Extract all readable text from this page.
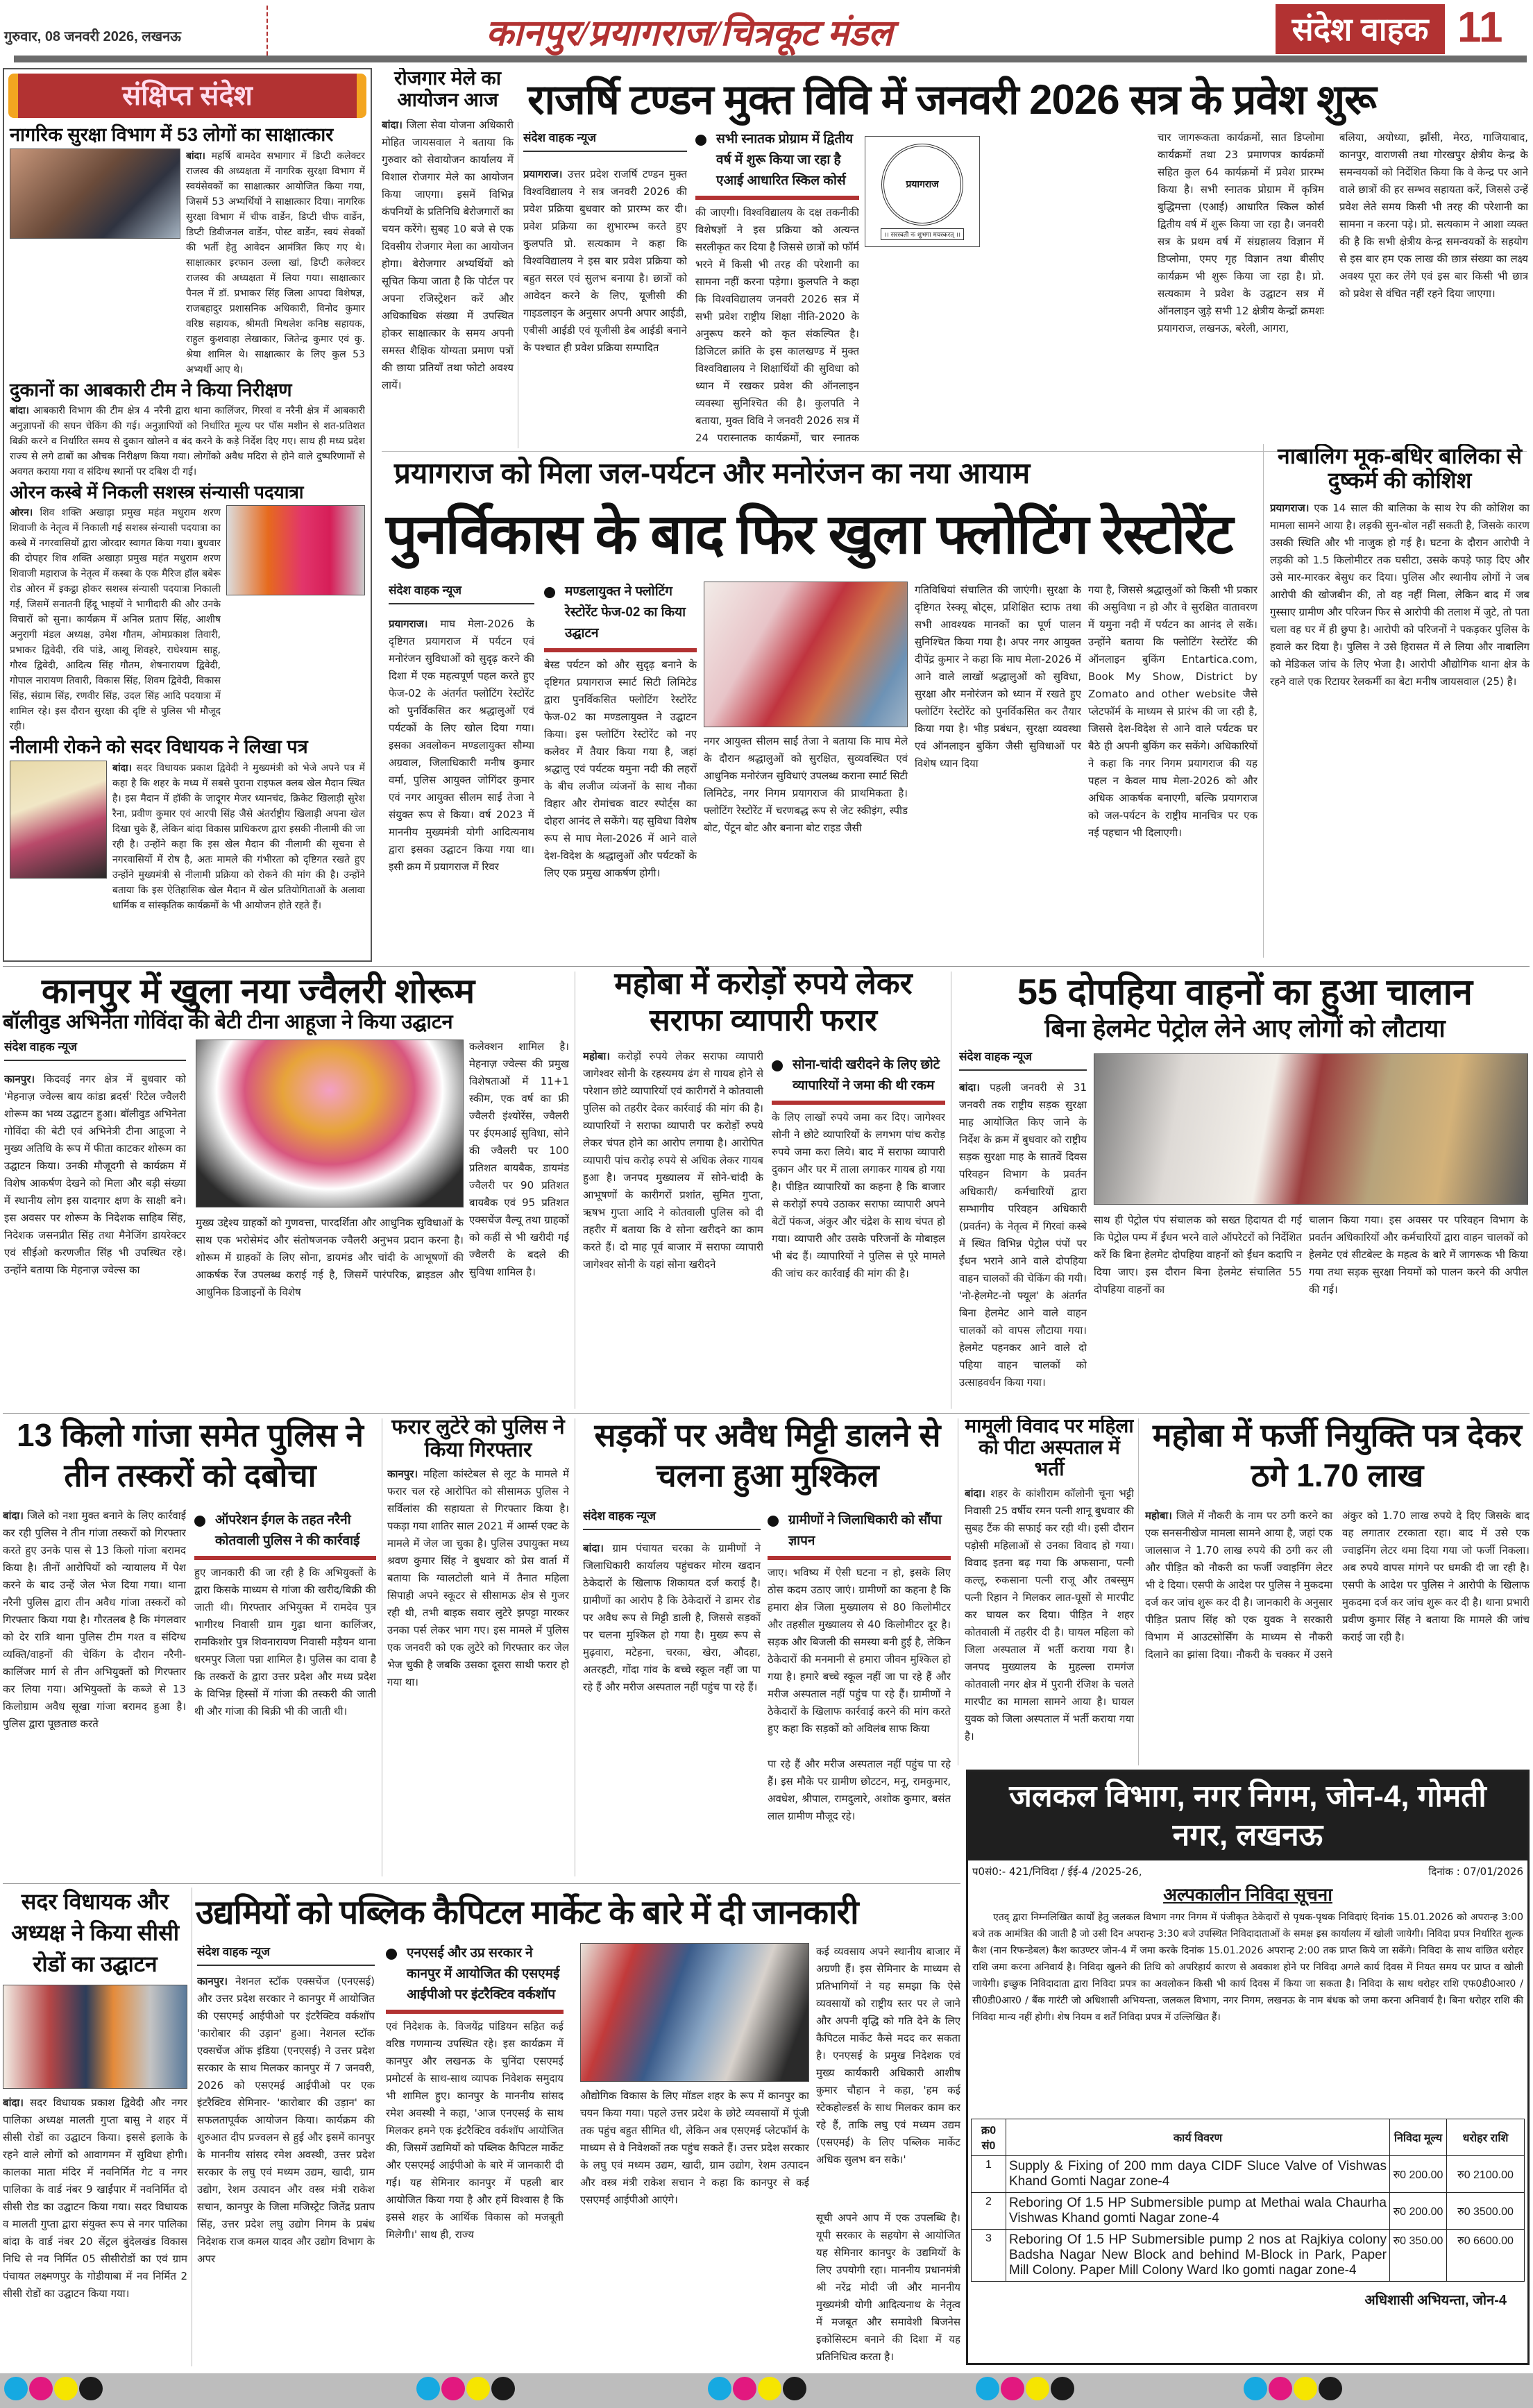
गुरुवार, 08 जनवरी 2026, लखनऊ	कानपुर/प्रयागराज/चित्रकूट मंडल	संदेश वाहक 11
संक्षिप्त संदेश
नागरिक सुरक्षा विभाग में 53 लोगों का साक्षात्कार
बांदा। महर्षि बामदेव सभागार में डिप्टी कलेक्टर राजस्व की अध्यक्षता में नागरिक सुरक्षा विभाग में स्वयंसेवकों का साक्षात्कार आयोजित किया गया, जिसमें 53 अभ्यर्थियों ने साक्षात्कार दिया। नागरिक सुरक्षा विभाग में चीफ वार्डेन, डिप्टी चीफ वार्डेन, डिप्टी डिवीजनल वार्डेन, पोस्ट वार्डेन, स्वयं सेवकों की भर्ती हेतु आवेदन आमंत्रित किए गए थे। साक्षात्कार इरफान उल्ला खां, डिप्टी कलेक्टर राजस्व की अध्यक्षता में लिया गया। साक्षात्कार पैनल में डॉ. प्रभाकर सिंह जिला आपदा विशेषज्ञ, राजबहादुर प्रशासनिक अधिकारी, विनोद कुमार वरिष्ठ सहायक, श्रीमती मिथलेश कनिष्ठ सहायक, राहुल कुशवाहा लेखाकार, जितेन्द्र कुमार एवं कु. श्रेया शामिल थे। साक्षात्कार के लिए कुल 53 अभ्यर्थी आए थे।
दुकानों का आबकारी टीम ने किया निरीक्षण
बांदा। आबकारी विभाग की टीम क्षेत्र 4 नरैनी द्वारा थाना कालिंजर, गिरवां व नरैनी क्षेत्र में आबकारी अनुज्ञापनों की सघन चेकिंग की गई। अनुज्ञापियों को निर्धारित मूल्य पर पॉस मशीन से शत-प्रतिशत बिक्री करने व निर्धारित समय से दुकान खोलने व बंद करने के कड़े निर्देश दिए गए। साथ ही मध्य प्रदेश राज्य से लगे ढाबों का औचक निरीक्षण किया गया। लोगोंको अवैध मदिरा से होने वाले दुष्परिणामों से अवगत कराया गया व संदिग्ध स्थानों पर दबिश दी गई।
ओरन कस्बे में निकली सशस्त्र संन्यासी पदयात्रा
ओरन। शिव शक्ति अखाड़ा प्रमुख महंत मधुराम शरण शिवाजी के नेतृत्व में निकाली गई सशस्त्र संन्यासी पदयात्रा का कस्बे में नगरवासियों द्वारा जोरदार स्वागत किया गया। बुधवार की दोपहर शिव शक्ति अखाड़ा प्रमुख महंत मधुराम शरण शिवाजी महाराज के नेतृत्व में कस्बा के एक मैरिज हॉल बबेरू रोड ओरन में इकट्ठा होकर सशस्त्र संन्यासी पदयात्रा निकाली गई, जिसमें सनातनी हिंदू भाइयों ने भागीदारी की और उनके विचारों को सुना। कार्यक्रम में अनिल प्रताप सिंह, आशीष अनुरागी मंडल अध्यक्ष, उमेश गौतम, ओमप्रकाश तिवारी, प्रभाकर द्विवेदी, रवि पांडे, आशू शिवहरे, राधेश्याम साहू, गौरव द्विवेदी, आदित्य सिंह गौतम, शेषनारायण द्विवेदी, गोपाल नारायण तिवारी, विकास सिंह, शिवम द्विवेदी, विकास सिंह, संग्राम सिंह, रणवीर सिंह, उदल सिंह आदि पदयात्रा में शामिल रहे। इस दौरान सुरक्षा की दृष्टि से पुलिस भी मौजूद रही।
नीलामी रोकने को सदर विधायक ने लिखा पत्र
बांदा। सदर विधायक प्रकाश द्विवेदी ने मुख्यमंत्री को भेजे अपने पत्र में कहा है कि शहर के मध्य में सबसे पुराना राइफल क्लब खेल मैदान स्थित है। इस मैदान में हॉकी के जादूगर मेजर ध्यानचंद, क्रिकेट खिलाड़ी सुरेश रैना, प्रवीण कुमार एवं आरपी सिंह जैसे अंतर्राष्ट्रीय खिलाड़ी अपना खेल दिखा चुके हैं, लेकिन बांदा विकास प्राधिकरण द्वारा इसकी नीलामी की जा रही है। उन्होंने कहा कि इस खेल मैदान की नीलामी की सूचना से नगरवासियों में रोष है, अतः मामले की गंभीरता को दृष्टिगत रखते हुए उन्होंने मुख्यमंत्री से नीलामी प्रक्रिया को रोकने की मांग की है। उन्होंने बताया कि इस ऐतिहासिक खेल मैदान में खेल प्रतियोगिताओं के अलावा धार्मिक व सांस्कृतिक कार्यक्रमों के भी आयोजन होते रहते हैं।
रोजगार मेले का आयोजन आज
बांदा। जिला सेवा योजना अधिकारी मोहित जायसवाल ने बताया कि गुरुवार को सेवायोजन कार्यालय में विशाल रोजगार मेले का आयोजन किया जाएगा। इसमें विभिन्न कंपनियों के प्रतिनिधि बेरोजगारों का चयन करेंगे। सुबह 10 बजे से एक दिवसीय रोजगार मेला का आयोजन होगा। बेरोजगार अभ्यर्थियों को सूचित किया जाता है कि पोर्टल पर अपना रजिस्ट्रेशन करें और अधिकाधिक संख्या में उपस्थित होकर साक्षात्कार के समय अपनी समस्त शैक्षिक योग्यता प्रमाण पत्रों की छाया प्रतियाँ तथा फोटो अवश्य लायें।
राजर्षि टण्डन मुक्त विवि में जनवरी 2026 सत्र के प्रवेश शुरू
संदेश वाहक न्यूज
प्रयागराज। उत्तर प्रदेश राजर्षि टण्डन मुक्त विश्वविद्यालय ने सत्र जनवरी 2026 की प्रवेश प्रक्रिया बुधवार को प्रारम्भ कर दी। प्रवेश प्रक्रिया का शुभारम्भ करते हुए कुलपति प्रो. सत्यकाम ने कहा कि विश्वविद्यालय ने इस बार प्रवेश प्रक्रिया को बहुत सरल एवं सुलभ बनाया है। छात्रों को आवेदन करने के लिए, यूजीसी की गाइडलाइन के अनुसार अपनी अपार आईडी, एबीसी आईडी एवं यूजीसी डेब आईडी बनाने के पश्चात ही प्रवेश प्रक्रिया सम्पादित
सभी स्नातक प्रोग्राम में द्वितीय वर्ष में शुरू किया जा रहा है एआई आधारित स्किल कोर्स
की जाएगी। विश्वविद्यालय के दक्ष तकनीकी विशेषज्ञों ने इस प्रक्रिया को अत्यन्त सरलीकृत कर दिया है जिससे छात्रों को फॉर्म भरने में किसी भी तरह की परेशानी का सामना नहीं करना पड़ेगा। कुलपति ने कहा कि विश्वविद्यालय जनवरी 2026 सत्र में सभी प्रवेश राष्ट्रीय शिक्षा नीति-2020 के अनुरूप करने को कृत संकल्पित है। डिजिटल क्रांति के इस कालखण्ड में मुक्त विश्वविद्यालय ने शिक्षार्थियों की सुविधा को ध्यान में रखकर प्रवेश की ऑनलाइन व्यवस्था सुनिश्चित की है। कुलपति ने बताया, मुक्त विवि ने जनवरी 2026 सत्र में 24 परास्नातक कार्यक्रमों, चार स्नातक
प्रयागराज
।। सरस्वती नः शुभगा मयस्करत् ।।
चार जागरूकता कार्यक्रमों, सात डिप्लोमा कार्यक्रमों तथा 23 प्रमाणपत्र कार्यक्रमों सहित कुल 64 कार्यक्रमों में प्रवेश प्रारम्भ किया है। सभी स्नातक प्रोग्राम में कृत्रिम बुद्धिमत्ता (एआई) आधारित स्किल कोर्स द्वितीय वर्ष में शुरू किया जा रहा है। जनवरी सत्र के प्रथम वर्ष में संग्रहालय विज्ञान में डिप्लोमा, एमए गृह विज्ञान तथा बीसीए कार्यक्रम भी शुरू किया जा रहा है। प्रो. सत्यकाम ने प्रवेश के उद्घाटन सत्र में ऑनलाइन जुड़े सभी 12 क्षेत्रीय केन्द्रों क्रमशः प्रयागराज, लखनऊ, बरेली, आगरा,
बलिया, अयोध्या, झाँसी, मेरठ, गाजियाबाद, कानपुर, वाराणसी तथा गोरखपुर क्षेत्रीय केन्द्र के समन्वयकों को निर्देशित किया कि वे केन्द्र पर आने वाले छात्रों की हर सम्भव सहायता करें, जिससे उन्हें प्रवेश लेते समय किसी भी तरह की परेशानी का सामना न करना पड़े। प्रो. सत्यकाम ने आशा व्यक्त की है कि सभी क्षेत्रीय केन्द्र समन्वयकों के सहयोग से इस बार हम एक लाख की छात्र संख्या का लक्ष्य अवश्य पूरा कर लेंगे एवं इस बार किसी भी छात्र को प्रवेश से वंचित नहीं रहने दिया जाएगा।
प्रयागराज को मिला जल-पर्यटन और मनोरंजन का नया आयाम
पुनर्विकास के बाद फिर खुला फ्लोटिंग रेस्टोरेंट
संदेश वाहक न्यूज
प्रयागराज। माघ मेला-2026 के दृष्टिगत प्रयागराज में पर्यटन एवं मनोरंजन सुविधाओं को सुदृढ़ करने की दिशा में एक महत्वपूर्ण पहल करते हुए फेज-02 के अंतर्गत फ्लोटिंग रेस्टोरेंट को पुनर्विकसित कर श्रद्धालुओं एवं पर्यटकों के लिए खोल दिया गया। इसका अवलोकन मण्डलायुक्त सौम्या अग्रवाल, जिलाधिकारी मनीष कुमार वर्मा, पुलिस आयुक्त जोगिंदर कुमार एवं नगर आयुक्त सीलम साईं तेजा ने संयुक्त रूप से किया। वर्ष 2023 में माननीय मुख्यमंत्री योगी आदित्यनाथ द्वारा इसका उद्घाटन किया गया था। इसी क्रम में प्रयागराज में रिवर
मण्डलायुक्त ने फ्लोटिंग रेस्टोरेंट फेज-02 का किया उद्घाटन
बेस्ड पर्यटन को और सुदृढ़ बनाने के दृष्टिगत प्रयागराज स्मार्ट सिटी लिमिटेड द्वारा पुनर्विकसित फ्लोटिंग रेस्टोरेंट फेज-02 का मण्डलायुक्त ने उद्घाटन किया। इस फ्लोटिंग रेस्टोरेंट को नए कलेवर में तैयार किया गया है, जहां श्रद्धालु एवं पर्यटक यमुना नदी की लहरों के बीच लजीज व्यंजनों के साथ नौका विहार और रोमांचक वाटर स्पोर्ट्स का दोहरा आनंद ले सकेंगे। यह सुविधा विशेष रूप से माघ मेला-2026 में आने वाले देश-विदेश के श्रद्धालुओं और पर्यटकों के लिए एक प्रमुख आकर्षण होगी।
नगर आयुक्त सीलम साईं तेजा ने बताया कि माघ मेले के दौरान श्रद्धालुओं को सुरक्षित, सुव्यवस्थित एवं आधुनिक मनोरंजन सुविधाएं उपलब्ध कराना स्मार्ट सिटी लिमिटेड, नगर निगम प्रयागराज की प्राथमिकता है। फ्लोटिंग रेस्टोरेंट में चरणबद्ध रूप से जेट स्कीइंग, स्पीड बोट, पेंटून बोट और बनाना बोट राइड जैसी
गतिविधियां संचालित की जाएंगी। सुरक्षा के दृष्टिगत रेस्क्यू बोट्स, प्रशिक्षित स्टाफ तथा सभी आवश्यक मानकों का पूर्ण पालन सुनिश्चित किया गया है। अपर नगर आयुक्त दीपेंद्र कुमार ने कहा कि माघ मेला-2026 में आने वाले लाखों श्रद्धालुओं को सुविधा, सुरक्षा और मनोरंजन को ध्यान में रखते हुए फ्लोटिंग रेस्टोरेंट को पुनर्विकसित कर तैयार किया गया है। भीड़ प्रबंधन, सुरक्षा व्यवस्था एवं ऑनलाइन बुकिंग जैसी सुविधाओं पर विशेष ध्यान दिया
गया है, जिससे श्रद्धालुओं को किसी भी प्रकार की असुविधा न हो और वे सुरक्षित वातावरण में यमुना नदी में पर्यटन का आनंद ले सकें। उन्होंने बताया कि फ्लोटिंग रेस्टोरेंट की ऑनलाइन बुकिंग Entartica.com, Book My Show, District by Zomato and other website जैसे प्लेटफॉर्म के माध्यम से प्रारंभ की जा रही है, जिससे देश-विदेश से आने वाले पर्यटक घर बैठे ही अपनी बुकिंग कर सकेंगे। अधिकारियों ने कहा कि नगर निगम प्रयागराज की यह पहल न केवल माघ मेला-2026 को और अधिक आकर्षक बनाएगी, बल्कि प्रयागराज को जल-पर्यटन के राष्ट्रीय मानचित्र पर एक नई पहचान भी दिलाएगी।
नाबालिग मूक-बधिर बालिका से दुष्कर्म की कोशिश
प्रयागराज। एक 14 साल की बालिका के साथ रेप की कोशिश का मामला सामने आया है। लड़की सुन-बोल नहीं सकती है, जिसके कारण उसकी स्थिति और भी नाजुक हो गई है। घटना के दौरान आरोपी ने लड़की को 1.5 किलोमीटर तक घसीटा, उसके कपड़े फाड़ दिए और उसे मार-मारकर बेसुध कर दिया। पुलिस और स्थानीय लोगों ने जब आरोपी की खोजबीन की, तो वह नहीं मिला, लेकिन बाद में जब गुस्साए ग्रामीण और परिजन फिर से आरोपी की तलाश में जुटे, तो पता चला वह घर में ही छुपा है। आरोपी को परिजनों ने पकड़कर पुलिस के हवाले कर दिया है। पुलिस ने उसे हिरासत में ले लिया और नाबालिग को मेडिकल जांच के लिए भेजा है। आरोपी औद्योगिक थाना क्षेत्र के रहने वाले एक रिटायर रेलकर्मी का बेटा मनीष जायसवाल (25) है।
कानपुर में खुला नया ज्वैलरी शोरूम
बॉलीवुड अभिनेता गोविंदा की बेटी टीना आहूजा ने किया उद्घाटन
संदेश वाहक न्यूज
कानपुर। किदवई नगर क्षेत्र में बुधवार को 'मेहनाज़ ज्वेल्स बाय कांडा ब्रदर्स' रिटेल ज्वैलरी शोरूम का भव्य उद्घाटन हुआ। बॉलीवुड अभिनेता गोविंदा की बेटी एवं अभिनेत्री टीना आहूजा ने मुख्य अतिथि के रूप में फीता काटकर शोरूम का उद्घाटन किया। उनकी मौजूदगी से कार्यक्रम में विशेष आकर्षण देखने को मिला और बड़ी संख्या में स्थानीय लोग इस यादगार क्षण के साक्षी बने। इस अवसर पर शोरूम के निदेशक साहिब सिंह, निदेशक जसनप्रीत सिंह तथा मैनेजिंग डायरेक्टर एवं सीईओ करणजीत सिंह भी उपस्थित रहे। उन्होंने बताया कि मेहनाज़ ज्वेल्स का
मुख्य उद्देश्य ग्राहकों को गुणवत्ता, पारदर्शिता और आधुनिक सुविधाओं के साथ एक भरोसेमंद और संतोषजनक ज्वैलरी अनुभव प्रदान करना है। शोरूम में ग्राहकों के लिए सोना, डायमंड और चांदी के आभूषणों की आकर्षक रेंज उपलब्ध कराई गई है, जिसमें पारंपरिक, ब्राइडल और आधुनिक डिजाइनों के विशेष
कलेक्शन शामिल है। मेहनाज़ ज्वेल्स की प्रमुख विशेषताओं में 11+1 स्कीम, एक वर्ष का फ्री ज्वैलरी इंश्योरेंस, ज्वैलरी पर ईएमआई सुविधा, सोने की ज्वैलरी पर 100 प्रतिशत बायबैक, डायमंड ज्वैलरी पर 90 प्रतिशत बायबैक एवं 95 प्रतिशत एक्सचेंज वैल्यू तथा ग्राहकों को कहीं से भी खरीदी गई ज्वैलरी के बदले की सुविधा शामिल है।
महोबा में करोड़ों रुपये लेकर सराफा व्यापारी फरार
महोबा। करोड़ों रुपये लेकर सराफा व्यापारी जागेश्वर सोनी के रहस्यमय ढंग से गायब होने से परेशान छोटे व्यापारियों एवं कारीगरों ने कोतवाली पुलिस को तहरीर देकर कार्रवाई की मांग की है। व्यापारियों ने सराफा व्यापारी पर करोड़ों रुपये लेकर चंपत होने का आरोप लगाया है। आरोपित व्यापारी पांच करोड़ रुपये से अधिक लेकर गायब हुआ है। जनपद मुख्यालय में सोने-चांदी के आभूषणों के कारीगरों प्रशांत, सुमित गुप्ता, ऋषभ गुप्ता आदि ने कोतवाली पुलिस को दी तहरीर में बताया कि वे सोना खरीदने का काम करते हैं। दो माह पूर्व बाजार में सराफा व्यापारी जागेश्वर सोनी के यहां सोना खरीदने
सोना-चांदी खरीदने के लिए छोटे व्यापारियों ने जमा की थी रकम
के लिए लाखों रुपये जमा कर दिए। जागेश्वर सोनी ने छोटे व्यापारियों के लगभग पांच करोड़ रुपये जमा करा लिये। बाद में सराफा व्यापारी दुकान और घर में ताला लगाकर गायब हो गया है। पीड़ित व्यापारियों का कहना है कि बाजार से करोड़ों रुपये उठाकर सराफा व्यापारी अपने बेटों पंकज, अंकुर और चंद्रेश के साथ चंपत हो गया। व्यापारी और उसके परिजनों के मोबाइल भी बंद हैं। व्यापारियों ने पुलिस से पूरे मामले की जांच कर कार्रवाई की मांग की है।
55 दोपहिया वाहनों का हुआ चालान
बिना हेलमेट पेट्रोल लेने आए लोगों को लौटाया
संदेश वाहक न्यूज
बांदा। पहली जनवरी से 31 जनवरी तक राष्ट्रीय सड़क सुरक्षा माह आयोजित किए जाने के निर्देश के क्रम में बुधवार को राष्ट्रीय सड़क सुरक्षा माह के सातवें दिवस परिवहन विभाग के प्रवर्तन अधिकारी/ कर्मचारियों द्वारा सम्भागीय परिवहन अधिकारी (प्रवर्तन) के नेतृत्व में गिरवां कस्बे में स्थित विभिन्न पेट्रोल पंपों पर ईंधन भराने आने वाले दोपहिया वाहन चालकों की चेकिंग की गयी। 'नो-हेलमेट-नो फ्यूल' के अंतर्गत बिना हेलमेट आने वाले वाहन चालकों को वापस लौटाया गया। हेलमेट पहनकर आने वाले दो पहिया वाहन चालकों को उत्साहवर्धन किया गया।
साथ ही पेट्रोल पंप संचालक को सख्त हिदायत दी गई कि पेट्रोल पम्प में ईंधन भरने वाले ऑपरेटरों को निर्देशित करें कि बिना हेलमेट दोपहिया वाहनों को ईंधन कदापि न दिया जाए। इस दौरान बिना हेलमेट संचालित 55 दोपहिया वाहनों का
चालान किया गया। इस अवसर पर परिवहन विभाग के प्रवर्तन अधिकारियों और कर्मचारियों द्वारा वाहन चालकों को हेलमेट एवं सीटबेल्ट के महत्व के बारे में जागरूक भी किया गया तथा सड़क सुरक्षा नियमों को पालन करने की अपील की गई।
13 किलो गांजा समेत पुलिस ने तीन तस्करों को दबोचा
बांदा। जिले को नशा मुक्त बनाने के लिए कार्रवाई कर रही पुलिस ने तीन गांजा तस्करों को गिरफ्तार करते हुए उनके पास से 13 किलो गांजा बरामद किया है। तीनों आरोपियों को न्यायालय में पेश करने के बाद उन्हें जेल भेज दिया गया। थाना नरैनी पुलिस द्वारा तीन अवैध गांजा तस्करों को गिरफ्तार किया गया है। गौरतलब है कि मंगलवार को देर रात्रि थाना पुलिस टीम गश्त व संदिग्ध व्यक्ति/वाहनों की चेकिंग के दौरान नरैनी-कालिंजर मार्ग से तीन अभियुक्तों को गिरफ्तार कर लिया गया। अभियुक्तों के कब्जे से 13 किलोग्राम अवैध सूखा गांजा बरामद हुआ है। पुलिस द्वारा पूछताछ करते
ऑपरेशन ईगल के तहत नरैनी कोतवाली पुलिस ने की कार्रवाई
हुए जानकारी की जा रही है कि अभियुक्तों के द्वारा किसके माध्यम से गांजा की खरीद/बिक्री की जाती थी। गिरफ्तार अभियुक्त में रामदेव पुत्र भागीरथ निवासी ग्राम गुढ़ा थाना कालिंजर, रामकिशोर पुत्र शिवनारायण निवासी मड़ैयन थाना धरमपुर जिला पन्ना शामिल है। पुलिस का दावा है कि तस्करों के द्वारा उत्तर प्रदेश और मध्य प्रदेश के विभिन्न हिस्सों में गांजा की तस्करी की जाती थी और गांजा की बिक्री भी की जाती थी।
फरार लुटेरे को पुलिस ने किया गिरफ्तार
कानपुर। महिला कांस्टेबल से लूट के मामले में फरार चल रहे आरोपित को सीसामऊ पुलिस ने सर्विलांस की सहायता से गिरफ्तार किया है। पकड़ा गया शातिर साल 2021 में आर्म्स एक्ट के मामले में जेल जा चुका है। पुलिस उपायुक्त मध्य श्रवण कुमार सिंह ने बुधवार को प्रेस वार्ता में बताया कि ग्वालटोली थाने में तैनात महिला सिपाही अपने स्कूटर से सीसामऊ क्षेत्र से गुजर रही थी, तभी बाइक सवार लुटेरे झपट्टा मारकर उनका पर्स लेकर भाग गए। इस मामले में पुलिस एक जनवरी को एक लुटेरे को गिरफ्तार कर जेल भेज चुकी है जबकि उसका दूसरा साथी फरार हो गया था।
सड़कों पर अवैध मिट्टी डालने से चलना हुआ मुश्किल
संदेश वाहक न्यूज
बांदा। ग्राम पंचायत चरका के ग्रामीणों ने जिलाधिकारी कार्यालय पहुंचकर मोरम खदान ठेकेदारों के खिलाफ शिकायत दर्ज कराई है। ग्रामीणों का आरोप है कि ठेकेदारों ने डामर रोड पर अवैध रूप से मिट्टी डाली है, जिससे सड़कों पर चलना मुश्किल हो गया है। मुख्य रूप से मुढ़वारा, मटेहना, चरका, खेरा, औदहा, अतरहटी, गोंदा गांव के बच्चे स्कूल नहीं जा पा रहे हैं और मरीज अस्पताल नहीं पहुंच पा रहे हैं।
ग्रामीणों ने जिलाधिकारी को सौंपा ज्ञापन
जाए। भविष्य में ऐसी घटना न हो, इसके लिए ठोस कदम उठाए जाएं। ग्रामीणों का कहना है कि हमारा क्षेत्र जिला मुख्यालय से 80 किलोमीटर और तहसील मुख्यालय से 40 किलोमीटर दूर है। सड़क और बिजली की समस्या बनी हुई है, लेकिन ठेकेदारों की मनमानी से हमारा जीवन मुश्किल हो गया है। हमारे बच्चे स्कूल नहीं जा पा रहे हैं और मरीज अस्पताल नहीं पहुंच पा रहे हैं। ग्रामीणों ने ठेकेदारों के खिलाफ कार्रवाई करने की मांग करते हुए कहा कि सड़कों को अविलंब साफ किया
पा रहे हैं और मरीज अस्पताल नहीं पहुंच पा रहे हैं। इस मौके पर ग्रामीण छोटटन, मनू, रामकुमार, अवधेश, श्रीपाल, रामदुलारे, अशोक कुमार, बसंत लाल ग्रामीण मौजूद रहे।
मामूली विवाद पर महिला को पीटा अस्पताल में भर्ती
बांदा। शहर के कांशीराम कॉलोनी चूना भट्टी निवासी 25 वर्षीय रमन पत्नी शानू बुधवार की सुबह टैंक की सफाई कर रही थी। इसी दौरान पड़ोसी महिलाओं से उनका विवाद हो गया। विवाद इतना बढ़ गया कि अफसाना, पत्नी कल्लू, रुकसाना पत्नी राजू और तबस्सुम पत्नी रिहान ने मिलकर लात-घूसों से मारपीट कर घायल कर दिया। पीड़ित ने शहर कोतवाली में तहरीर दी है। घायल महिला को जिला अस्पताल में भर्ती कराया गया है। जनपद मुख्यालय के मुहल्ला रामगंज कोतवाली नगर क्षेत्र में पुरानी रंजिश के चलते मारपीट का मामला सामने आया है। घायल युवक को जिला अस्पताल में भर्ती कराया गया है।
महोबा में फर्जी नियुक्ति पत्र देकर ठगे 1.70 लाख
महोबा। जिले में नौकरी के नाम पर ठगी करने का एक सनसनीखेज मामला सामने आया है, जहां एक जालसाज ने 1.70 लाख रुपये की ठगी कर ली और पीड़ित को नौकरी का फर्जी ज्वाइनिंग लेटर भी दे दिया। एसपी के आदेश पर पुलिस ने मुकदमा दर्ज कर जांच शुरू कर दी है। जानकारी के अनुसार पीड़ित प्रताप सिंह को एक युवक ने सरकारी विभाग में आउटसोर्सिंग के माध्यम से नौकरी दिलाने का झांसा दिया। नौकरी के चक्कर में उसने अंकुर को 1.70 लाख रुपये दे दिए जिसके बाद वह लगातार टरकाता रहा। बाद में उसे एक ज्वाइनिंग लेटर थमा दिया गया जो फर्जी निकला। अब रुपये वापस मांगने पर धमकी दी जा रही है। एसपी के आदेश पर पुलिस ने आरोपी के खिलाफ मुकदमा दर्ज कर जांच शुरू कर दी है। थाना प्रभारी प्रवीण कुमार सिंह ने बताया कि मामले की जांच कराई जा रही है।
जलकल विभाग, नगर निगम, जोन-4, गोमती नगर, लखनऊ
प0सं0:- 421/निविदा / ईई-4 /2025-26,	दिनांक : 07/01/2026
अल्पकालीन निविदा सूचना
एतद् द्वारा निम्नलिखित कार्यों हेतु जलकल विभाग नगर निगम में पंजीकृत ठेकेदारों से पृथक-पृथक निविदाएं दिनांक 15.01.2026 को अपरान्ह 3:00 बजे तक आमंत्रित की जाती है जो उसी दिन अपरान्ह 3:30 बजे उपस्थित निविदादाताओं के समक्ष इस कार्यालय में खोली जायेगी। निविदा प्रपत्र निर्धारित शुल्क कैश (नान रिफन्डेबल) कैश काउण्टर जोन-4 में जमा करके दिनांक 15.01.2026 अपरान्ह 2:00 तक प्राप्त किये जा सकेंगे। निविदा के साथ वांछित धरोहर राशि जमा करना अनिवार्य है। निविदा खुलने की तिथि को अपरिहार्य कारण से अवकाश होने पर निविदा अगले कार्य दिवस में नियत समय पर प्राप्त व खोली जायेगी। इच्छुक निविदादाता द्वारा निविदा प्रपत्र का अवलोकन किसी भी कार्य दिवस में किया जा सकता है। निविदा के साथ धरोहर राशि एफ0डी0आर0 / सी0डी0आर0 / बैंक गारंटी जो अधिशासी अभियन्ता, जलकल विभाग, नगर निगम, लखनऊ के नाम बंधक को जमा करना अनिवार्य है। बिना धरोहर राशि की निविदा मान्य नहीं होगी। शेष नियम व शर्तें निविदा प्रपत्र में उल्लिखित हैं।
क्र0 सं0	कार्य विवरण	निविदा मूल्य	धरोहर राशि
1	Supply & Fixing of 200 mm daya CIDF Sluce Valve of Vishwas Khand Gomti Nagar zone-4	रु0 200.00	रु0 2100.00
2	Reboring Of 1.5 HP Submersible pump at Methai wala Chaurha Vishwas Khand gomti Nagar zone-4	रु0 200.00	रु0 3500.00
3	Reboring Of 1.5 HP Submersible pump 2 nos at Rajkiya colony Badsha Nagar New Block and behind M-Block in Park, Paper Mill Colony. Paper Mill Colony Ward Iko gomti nagar zone-4	रु0 350.00	रु0 6600.00
अधिशासी अभियन्ता, जोन-4
सदर विधायक और अध्यक्ष ने किया सीसी रोडों का उद्घाटन
बांदा। सदर विधायक प्रकाश द्विवेदी और नगर पालिका अध्यक्ष मालती गुप्ता बासु ने शहर में सीसी रोडों का उद्घाटन किया। इससे इलाके के रहने वाले लोगों को आवागमन में सुविधा होगी। कालका माता मंदिर में नवनिर्मित गेट व नगर पालिका के वार्ड नंबर 9 खाईंपार में नवनिर्मित दो सीसी रोड का उद्घाटन किया गया। सदर विधायक व मालती गुप्ता द्वारा संयुक्त रूप से नगर पालिका बांदा के वार्ड नंबर 20 सेंट्रल बुंदेलखंड विकास निधि से नव निर्मित 05 सीसीरोडों का एवं ग्राम पंचायत लक्ष्मणपुर के गोडीयाबा में नव निर्मित 2 सीसी रोडों का उद्घाटन किया गया।
उद्यमियों को पब्लिक कैपिटल मार्केट के बारे में दी जानकारी
संदेश वाहक न्यूज
कानपुर। नेशनल स्टॉक एक्सचेंज (एनएसई) और उत्तर प्रदेश सरकार ने कानपुर में आयोजित की एसएमई आईपीओ पर इंटरैक्टिव वर्कशॉप 'कारोबार की उड़ान' हुआ। नेशनल स्टॉक एक्सचेंज ऑफ इंडिया (एनएसई) ने उत्तर प्रदेश सरकार के साथ मिलकर कानपुर में 7 जनवरी, 2026 को एसएमई आईपीओ पर एक इंटरैक्टिव सेमिनार- 'कारोबार की उड़ान' का सफलतापूर्वक आयोजन किया। कार्यक्रम की शुरुआत दीप प्रज्वलन से हुई और इसमें कानपुर के माननीय सांसद रमेश अवस्थी, उत्तर प्रदेश सरकार के लघु एवं मध्यम उद्यम, खादी, ग्राम उद्योग, रेशम उत्पादन और वस्त्र मंत्री राकेश सचान, कानपुर के जिला मजिस्ट्रेट जितेंद्र प्रताप सिंह, उत्तर प्रदेश लघु उद्योग निगम के प्रबंध निदेशक राज कमल यादव और उद्योग विभाग के अपर
एनएसई और उप्र सरकार ने कानपुर में आयोजित की एसएमई आईपीओ पर इंटरैक्टिव वर्कशॉप
एवं निदेशक के. विजयेंद्र पांडियन सहित कई वरिष्ठ गणमान्य उपस्थित रहे। इस कार्यक्रम में कानपुर और लखनऊ के चुनिंदा एसएमई प्रमोटर्स के साथ-साथ व्यापक निवेशक समुदाय भी शामिल हुए। कानपुर के माननीय सांसद रमेश अवस्थी ने कहा, 'आज एनएसई के साथ मिलकर हमने एक इंटरैक्टिव वर्कशॉप आयोजित की, जिसमें उद्यमियों को पब्लिक कैपिटल मार्केट और एसएमई आईपीओ के बारे में जानकारी दी गई। यह सेमिनार कानपुर में पहली बार आयोजित किया गया है और हमें विश्वास है कि इससे शहर के आर्थिक विकास को मजबूती मिलेगी।' साथ ही, राज्य
औद्योगिक विकास के लिए मॉडल शहर के रूप में कानपुर का चयन किया गया। पहले उत्तर प्रदेश के छोटे व्यवसायों में पूंजी तक पहुंच बहुत सीमित थी, लेकिन अब एसएमई प्लेटफॉर्म के माध्यम से वे निवेशकों तक पहुंच सकते हैं। उत्तर प्रदेश सरकार के लघु एवं मध्यम उद्यम, खादी, ग्राम उद्योग, रेशम उत्पादन और वस्त्र मंत्री राकेश सचान ने कहा कि कानपुर से कई एसएमई आईपीओ आएंगे।
कई व्यवसाय अपने स्थानीय बाजार में अग्रणी हैं। इस सेमिनार के माध्यम से प्रतिभागियों ने यह समझा कि ऐसे व्यवसायों को राष्ट्रीय स्तर पर ले जाने और अपनी वृद्धि को गति देने के लिए कैपिटल मार्केट कैसे मदद कर सकता है। एनएसई के प्रमुख निदेशक एवं मुख्य कार्यकारी अधिकारी आशीष कुमार चौहान ने कहा, 'हम कई स्टेकहोल्डर्स के साथ मिलकर काम कर रहे हैं, ताकि लघु एवं मध्यम उद्यम (एसएमई) के लिए पब्लिक मार्केट अधिक सुलभ बन सके।'
सूची अपने आप में एक उपलब्धि है। यूपी सरकार के सहयोग से आयोजित यह सेमिनार कानपुर के उद्यमियों के लिए उपयोगी रहा। माननीय प्रधानमंत्री श्री नरेंद्र मोदी जी और माननीय मुख्यमंत्री योगी आदित्यनाथ के नेतृत्व में मजबूत और समावेशी बिजनेस इकोसिस्टम बनाने की दिशा में यह प्रतिनिधित्व करता है।
